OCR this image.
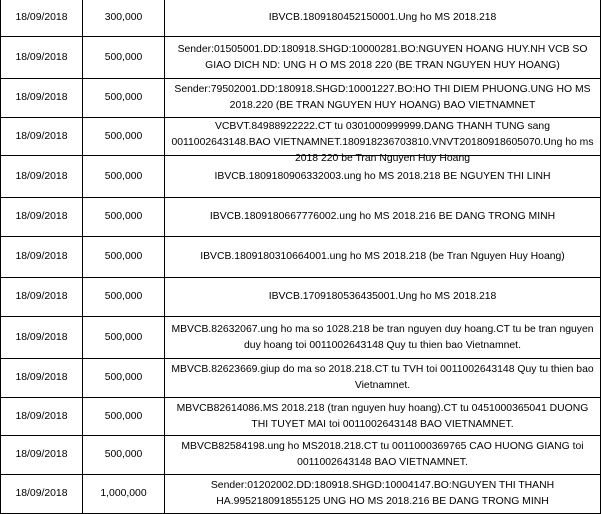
18/09/2018	300,000	IBVCB.1809180452150001.Ung ho MS 2018.218
18/09/2018	500,000	Sender:01505001.DD:180918.SHGD:10000281.BO:NGUYEN HOANG HUY.NH VCB SO GIAO DICH ND: UNG H O MS 2018 220 (BE TRAN NGUYEN HUY HOANG)
18/09/2018	500,000	Sender:79502001.DD:180918.SHGD:10001227.BO:HO THI DIEM PHUONG.UNG HO MS 2018.220 (BE TRAN NGUYEN HUY HOANG) BAO VIETNAMNET
18/09/2018	500,000	VCBVT.84988922222.CT tu 0301000999999.DANG THANH TUNG sang 0011002643148.BAO VIETNAMNET.180918236703810.VNVT20180918605070.Ung ho ms 2018 220 be Tran Nguyen Huy Hoang

18/09/2018	500,000	IBVCB.1809180906332003.ung ho MS 2018.218 BE NGUYEN THI LINH
18/09/2018	500,000	IBVCB.1809180667776002.ung ho MS 2018.216 BE DANG TRONG MINH
18/09/2018	500,000	IBVCB.1809180310664001.ung ho MS 2018.218 (be Tran Nguyen Huy Hoang)
18/09/2018	500,000	IBVCB.1709180536435001.Ung ho MS 2018.218
18/09/2018	500,000	MBVCB.82632067.ung ho ma so 1028.218 be tran nguyen duy hoang.CT tu be tran nguyen duy hoang toi 0011002643148 Quy tu thien bao Vietnamnet.
18/09/2018	500,000	MBVCB.82623669.giup do ma so 2018.218.CT tu TVH toi 0011002643148 Quy tu thien bao Vietnamnet.
18/09/2018	500,000	MBVCB82614086.MS 2018.218 (tran nguyen huy hoang).CT tu 0451000365041 DUONG THI TUYET MAI toi 0011002643148 BAO VIETNAMNET.
18/09/2018	500,000	MBVCB82584198.ung ho MS2018.218.CT tu 0011000369765 CAO HUONG GIANG toi 0011002643148 BAO VIETNAMNET.
18/09/2018	1,000,000	Sender:01202002.DD:180918.SHGD:10004147.BO:NGUYEN THI THANH HA.995218091855125 UNG HO MS 2018.216 BE DANG TRONG MINH
